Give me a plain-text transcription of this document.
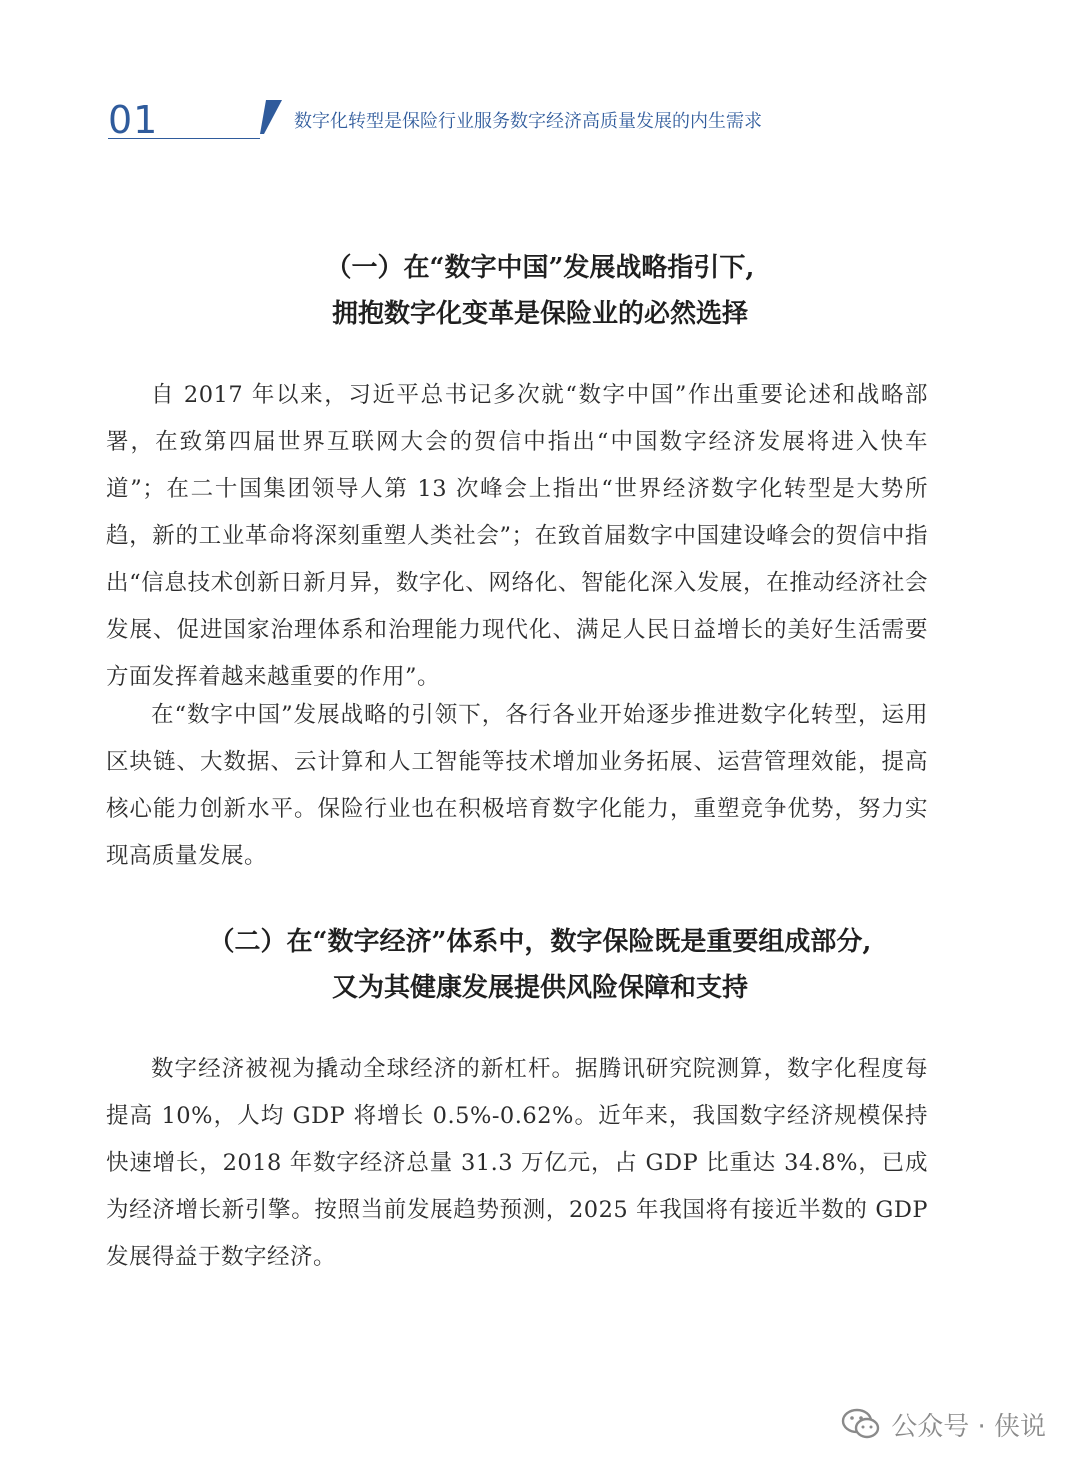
01	数字化转型是保险行业服务数字经济高质量发展的内生需求
（一）在“数字中国”发展战略指引下,
拥抱数字化变革是保险业的必然选择

自 2017 年以来，习近平总书记多次就“数字中国”作出重要论述和战略部署，在致第四届世界互联网大会的贺信中指出“中国数字经济发展将进入快车道”；在二十国集团领导人第 13 次峰会上指出“世界经济数字化转型是大势所趋，新的工业革命将深刻重塑人类社会”；在致首届数字中国建设峰会的贺信中指出“信息技术创新日新月异，数字化、网络化、智能化深入发展，在推动经济社会发展、促进国家治理体系和治理能力现代化、满足人民日益增长的美好生活需要方面发挥着越来越重要的作用”。

在“数字中国”发展战略的引领下，各行各业开始逐步推进数字化转型，运用区块链、大数据、云计算和人工智能等技术增加业务拓展、运营管理效能，提高核心能力创新水平。保险行业也在积极培育数字化能力，重塑竞争优势，努力实现高质量发展。

（二）在“数字经济”体系中，数字保险既是重要组成部分,
又为其健康发展提供风险保障和支持

数字经济被视为撬动全球经济的新杠杆。据腾讯研究院测算，数字化程度每提高 10%，人均 GDP 将增长 0.5%-0.62%。近年来，我国数字经济规模保持快速增长，2018 年数字经济总量 31.3 万亿元，占 GDP 比重达 34.8%，已成为经济增长新引擎。按照当前发展趋势预测，2025 年我国将有接近半数的 GDP 发展得益于数字经济。

公众号 · 侠说
